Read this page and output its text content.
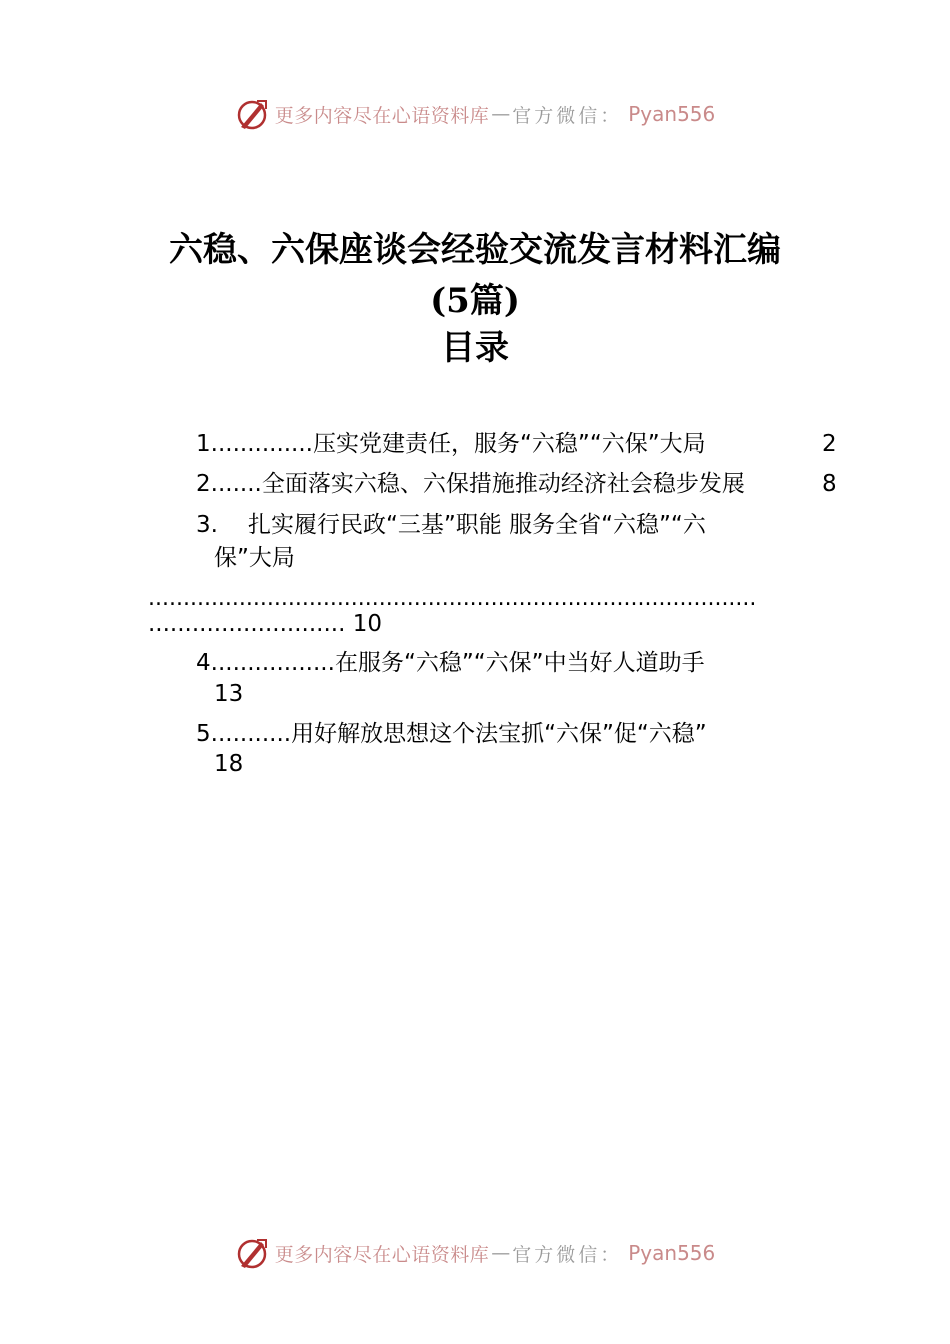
更多内容尽在心语资料库 — 官方微信： Pyan556
六稳、六保座谈会经验交流发言材料汇编
(5篇)
目录
1..............压实党建责任，服务“六稳”“六保”大局	2
2.......全面落实六稳、六保措施推动经济社会稳步发展	8
3. 扎实履行民政“三基”职能 服务全省“六稳”“六
保”大局
.......................................................................................
........................... 10
4.................在服务“六稳”“六保”中当好人道助手
13
5...........用好解放思想这个法宝抓“六保”促“六稳”
18
更多内容尽在心语资料库 — 官方微信： Pyan556
